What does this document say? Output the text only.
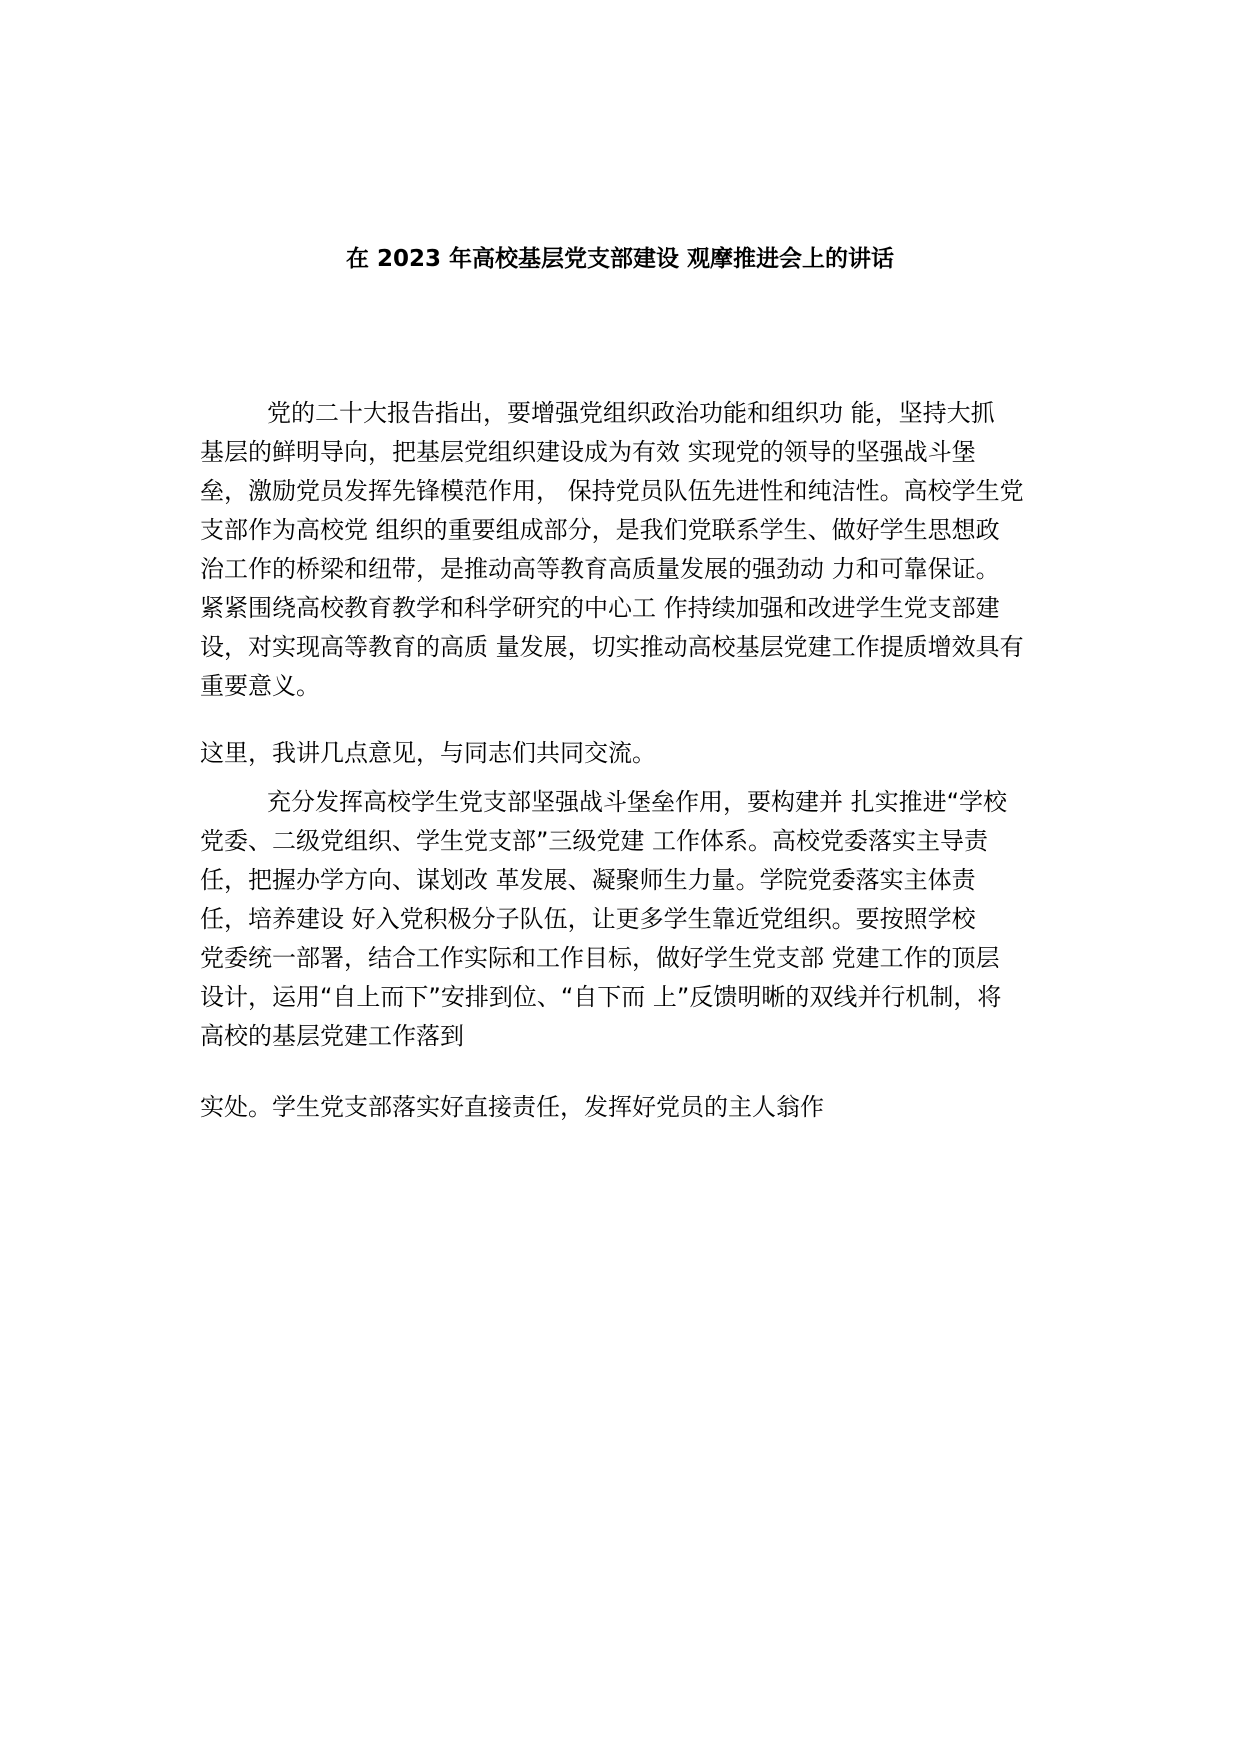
在 2023 年高校基层党支部建设 观摩推进会上的讲话
党的二十大报告指出，要增强党组织政治功能和组织功 能，坚持大抓
基层的鲜明导向，把基层党组织建设成为有效 实现党的领导的坚强战斗堡
垒，激励党员发挥先锋模范作用， 保持党员队伍先进性和纯洁性。高校学生党
支部作为高校党 组织的重要组成部分，是我们党联系学生、做好学生思想政
治工作的桥梁和纽带，是推动高等教育高质量发展的强劲动 力和可靠保证。
紧紧围绕高校教育教学和科学研究的中心工 作持续加强和改进学生党支部建
设，对实现高等教育的高质 量发展，切实推动高校基层党建工作提质增效具有
重要意义。
这里，我讲几点意见，与同志们共同交流。
充分发挥高校学生党支部坚强战斗堡垒作用，要构建并 扎实推进“学校
党委、二级党组织、学生党支部”三级党建 工作体系。高校党委落实主导责
任，把握办学方向、谋划改 革发展、凝聚师生力量。学院党委落实主体责
任，培养建设 好入党积极分子队伍，让更多学生靠近党组织。要按照学校
党委统一部署，结合工作实际和工作目标，做好学生党支部 党建工作的顶层
设计，运用“自上而下”安排到位、“自下而 上”反馈明晰的双线并行机制，将
高校的基层党建工作落到
实处。学生党支部落实好直接责任，发挥好党员的主人翁作
